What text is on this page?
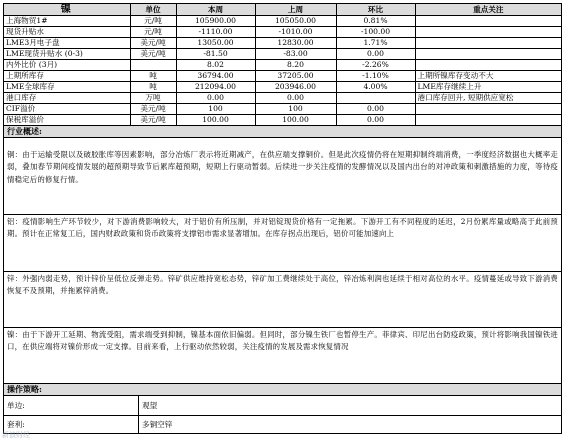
镍	单位	本周	上周	环比	重点关注
上海物贸1#	元/吨	105900.00	105050.00	0.81%	
现货升贴水	元/吨	-1110.00	-1010.00	-100.00	
LME3月电子盘	美元/吨	13050.00	12830.00	1.71%	
LME现货升贴水 (0-3)	美元/吨	-81.50	-83.00	0.00	
内外比价 (3月)		8.02	8.20	-2.26%	
上期所库存	吨	36794.00	37205.00	-1.10%	上期所镍库存变动不大
LME全球库存	吨	212094.00	203946.00	4.00%	LME库存继续上升
港口库存	万吨	0.00	0.00		港口库存回升, 短期供应宽松
CIF溢价	美元/吨	100	100	0.00	
保税库溢价	美元/吨	100.00	100.00	0.00	
行业概述:
铜：由于运输受限以及破胶胀库等因素影响，部分冶炼厂表示将近期减产，在供应端支撑铜价。但是此次疫情仍将在短期抑制终端消费，一季度经济数据也大概率走弱，叠加春节期间疫情发展的超预期导致节后累库超预期，短期上行驱动暂弱。后续进一步关注疫情的发酵情况以及国内出台的对冲政策和刺激措施的力度，等待疫情稳定后的修复行情。
铝：疫情影响生产环节较少，对下游消费影响较大，对于铝价有所压制，并对铝锭现货价格有一定拖累。下游开工有不同程度的延迟，2月份累库量或略高于此前预期。预计在正常复工后，国内财政政策和货币政策将支撑铝市需求显著增加。在库存拐点出现后，铝价可能加速向上
锌：外强内弱走势，预计锌价呈低位反弹走势。锌矿供应维持宽松态势，锌矿加工费继续处于高位，锌冶炼利润也延续于相对高位的水平。疫情蔓延或导致下游消费恢复不及预期，并拖累锌消费。
镍：由于下游开工延期、物流受阻，需求端受到抑制，镍基本面依旧偏弱。但同时，部分镍生铁厂也暂停生产。菲律宾、印尼出台防疫政策，预计将影响我国镍铁进口，在供应端将对镍价形成一定支撑。目前来看，上行驱动依然较弱，关注疫情的发展及需求恢复情况
操作策略:
单边:	观望
套利:	多铜空锌
新浪财经
